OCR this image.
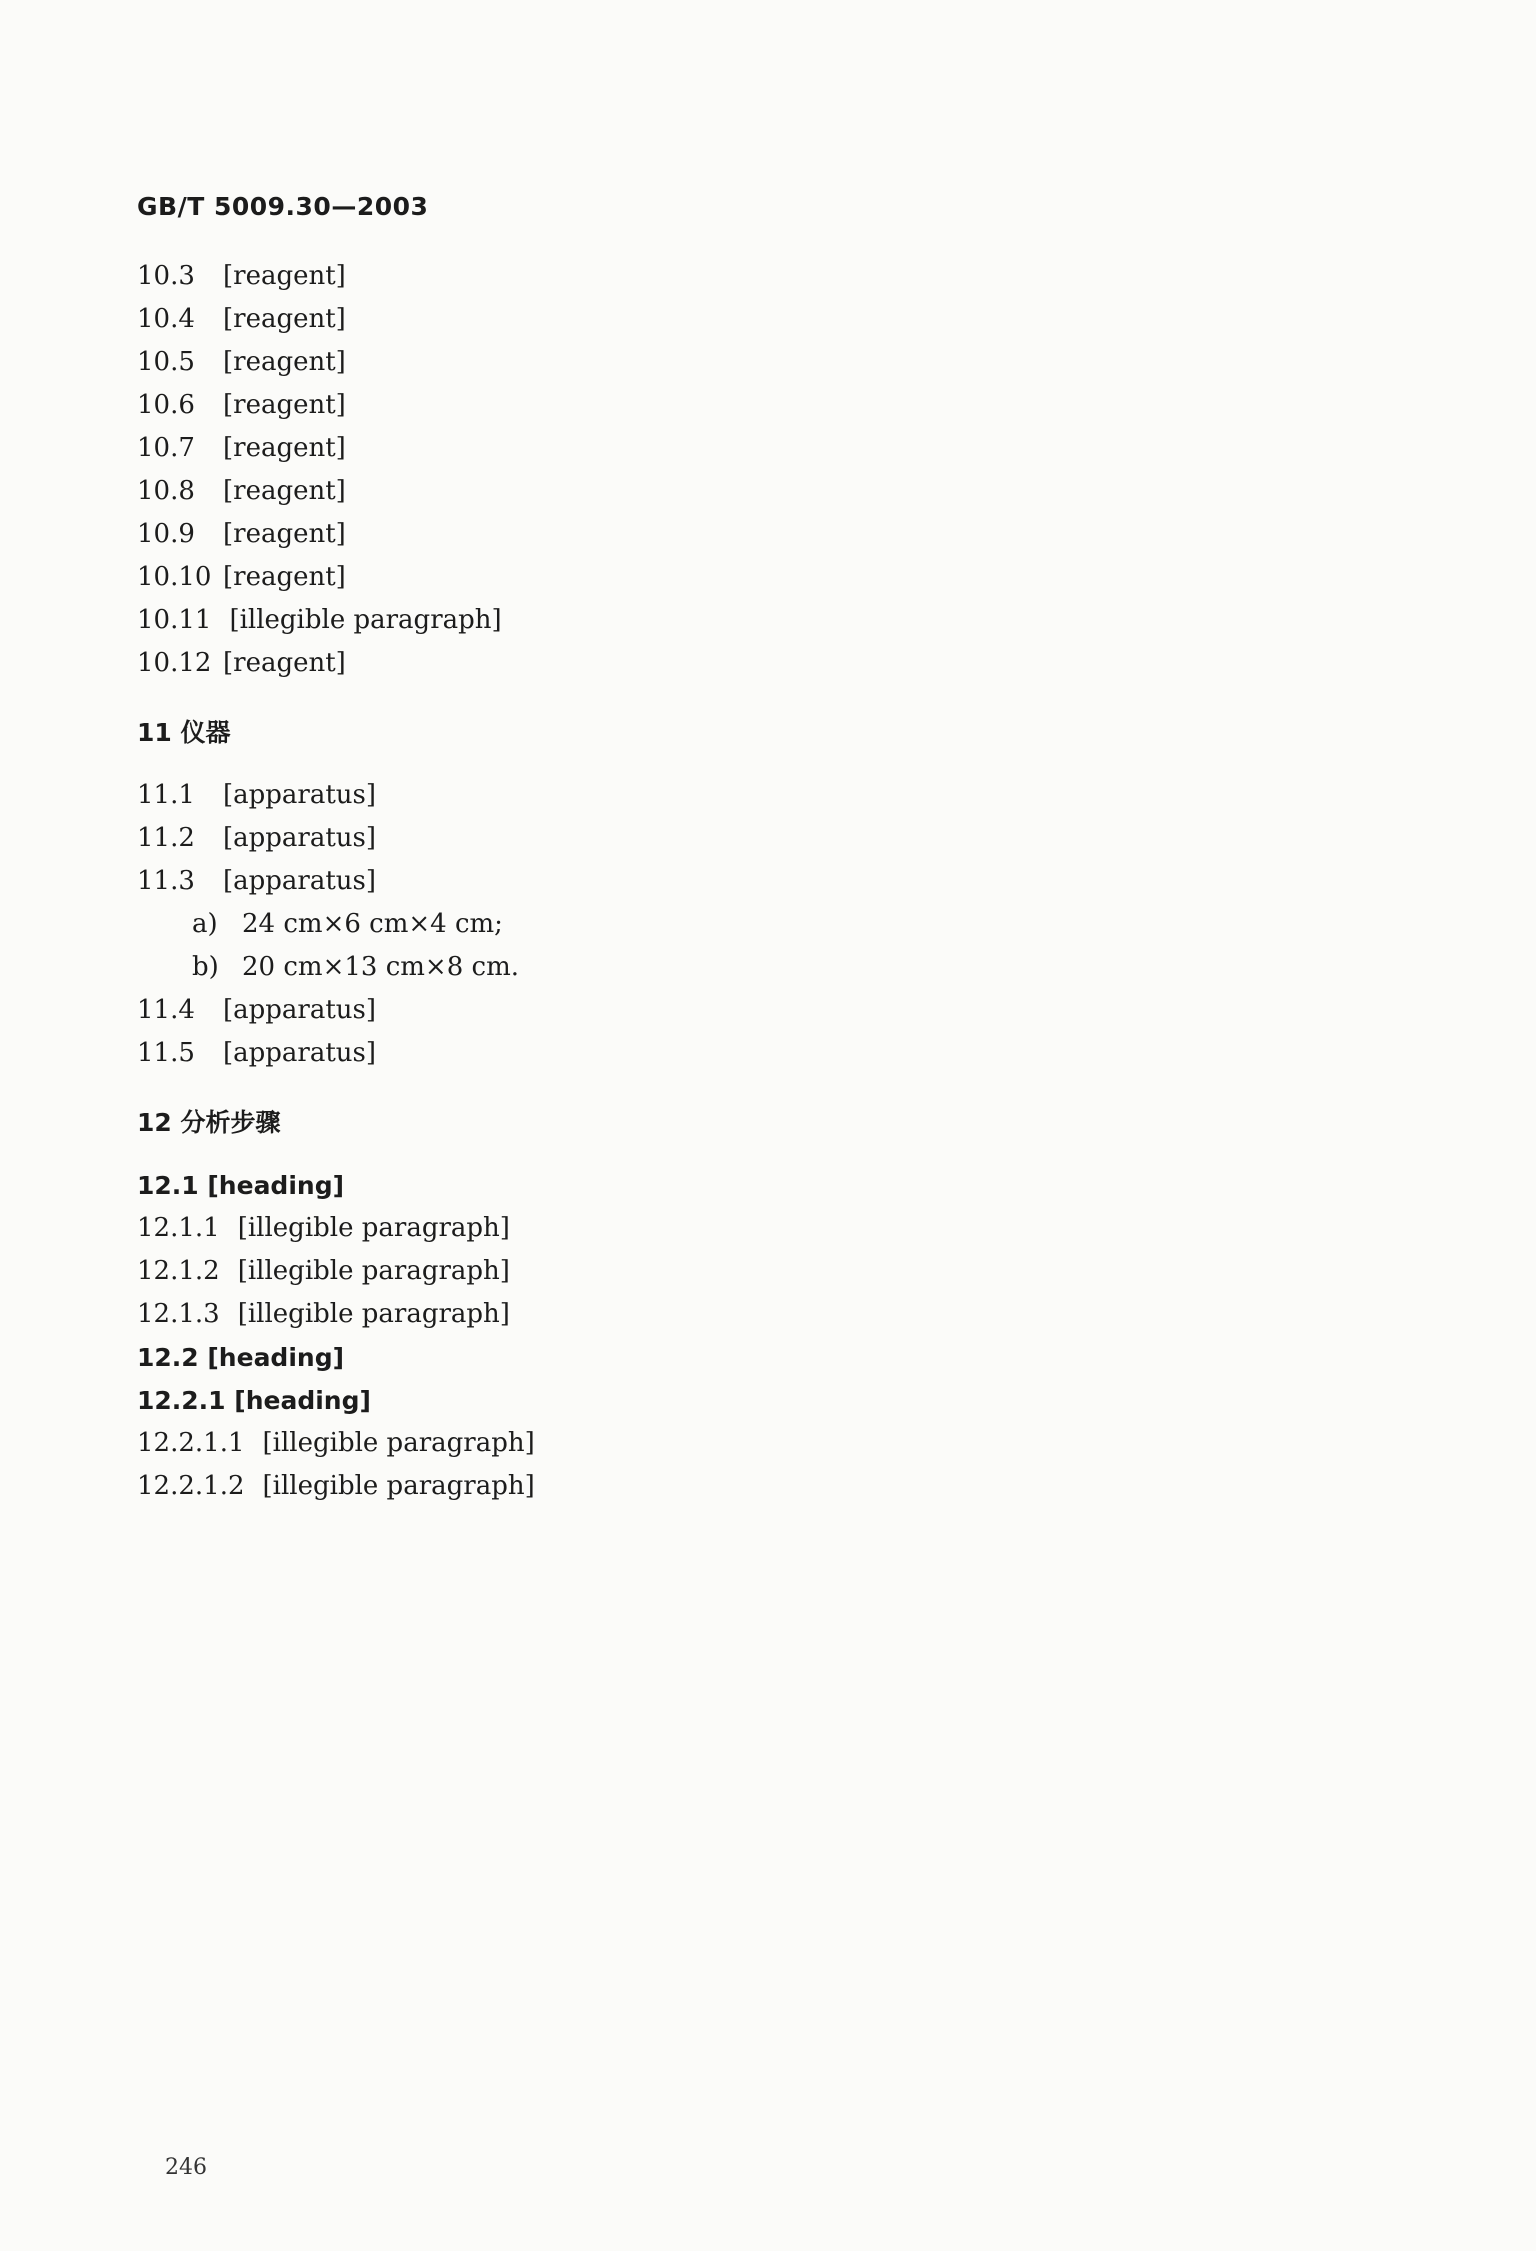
GB/T 5009.30—2003
10.3 [reagent]
10.4 [reagent]
10.5 [reagent]
10.6 [reagent]
10.7 [reagent]
10.8 [reagent]
10.9 [reagent]
10.10 [reagent]
10.11 [illegible paragraph]
10.12 [reagent]
11 仪器
11.1 [apparatus]
11.2 [apparatus]
11.3 [apparatus]
a) 24 cm×6 cm×4 cm;
b) 20 cm×13 cm×8 cm.
11.4 [apparatus]
11.5 [apparatus]
12 分析步骤
12.1 [heading]
12.1.1 [illegible paragraph]
12.1.2 [illegible paragraph]
12.1.3 [illegible paragraph]
12.2 [heading]
12.2.1 [heading]
12.2.1.1 [illegible paragraph]
12.2.1.2 [illegible paragraph]
246
